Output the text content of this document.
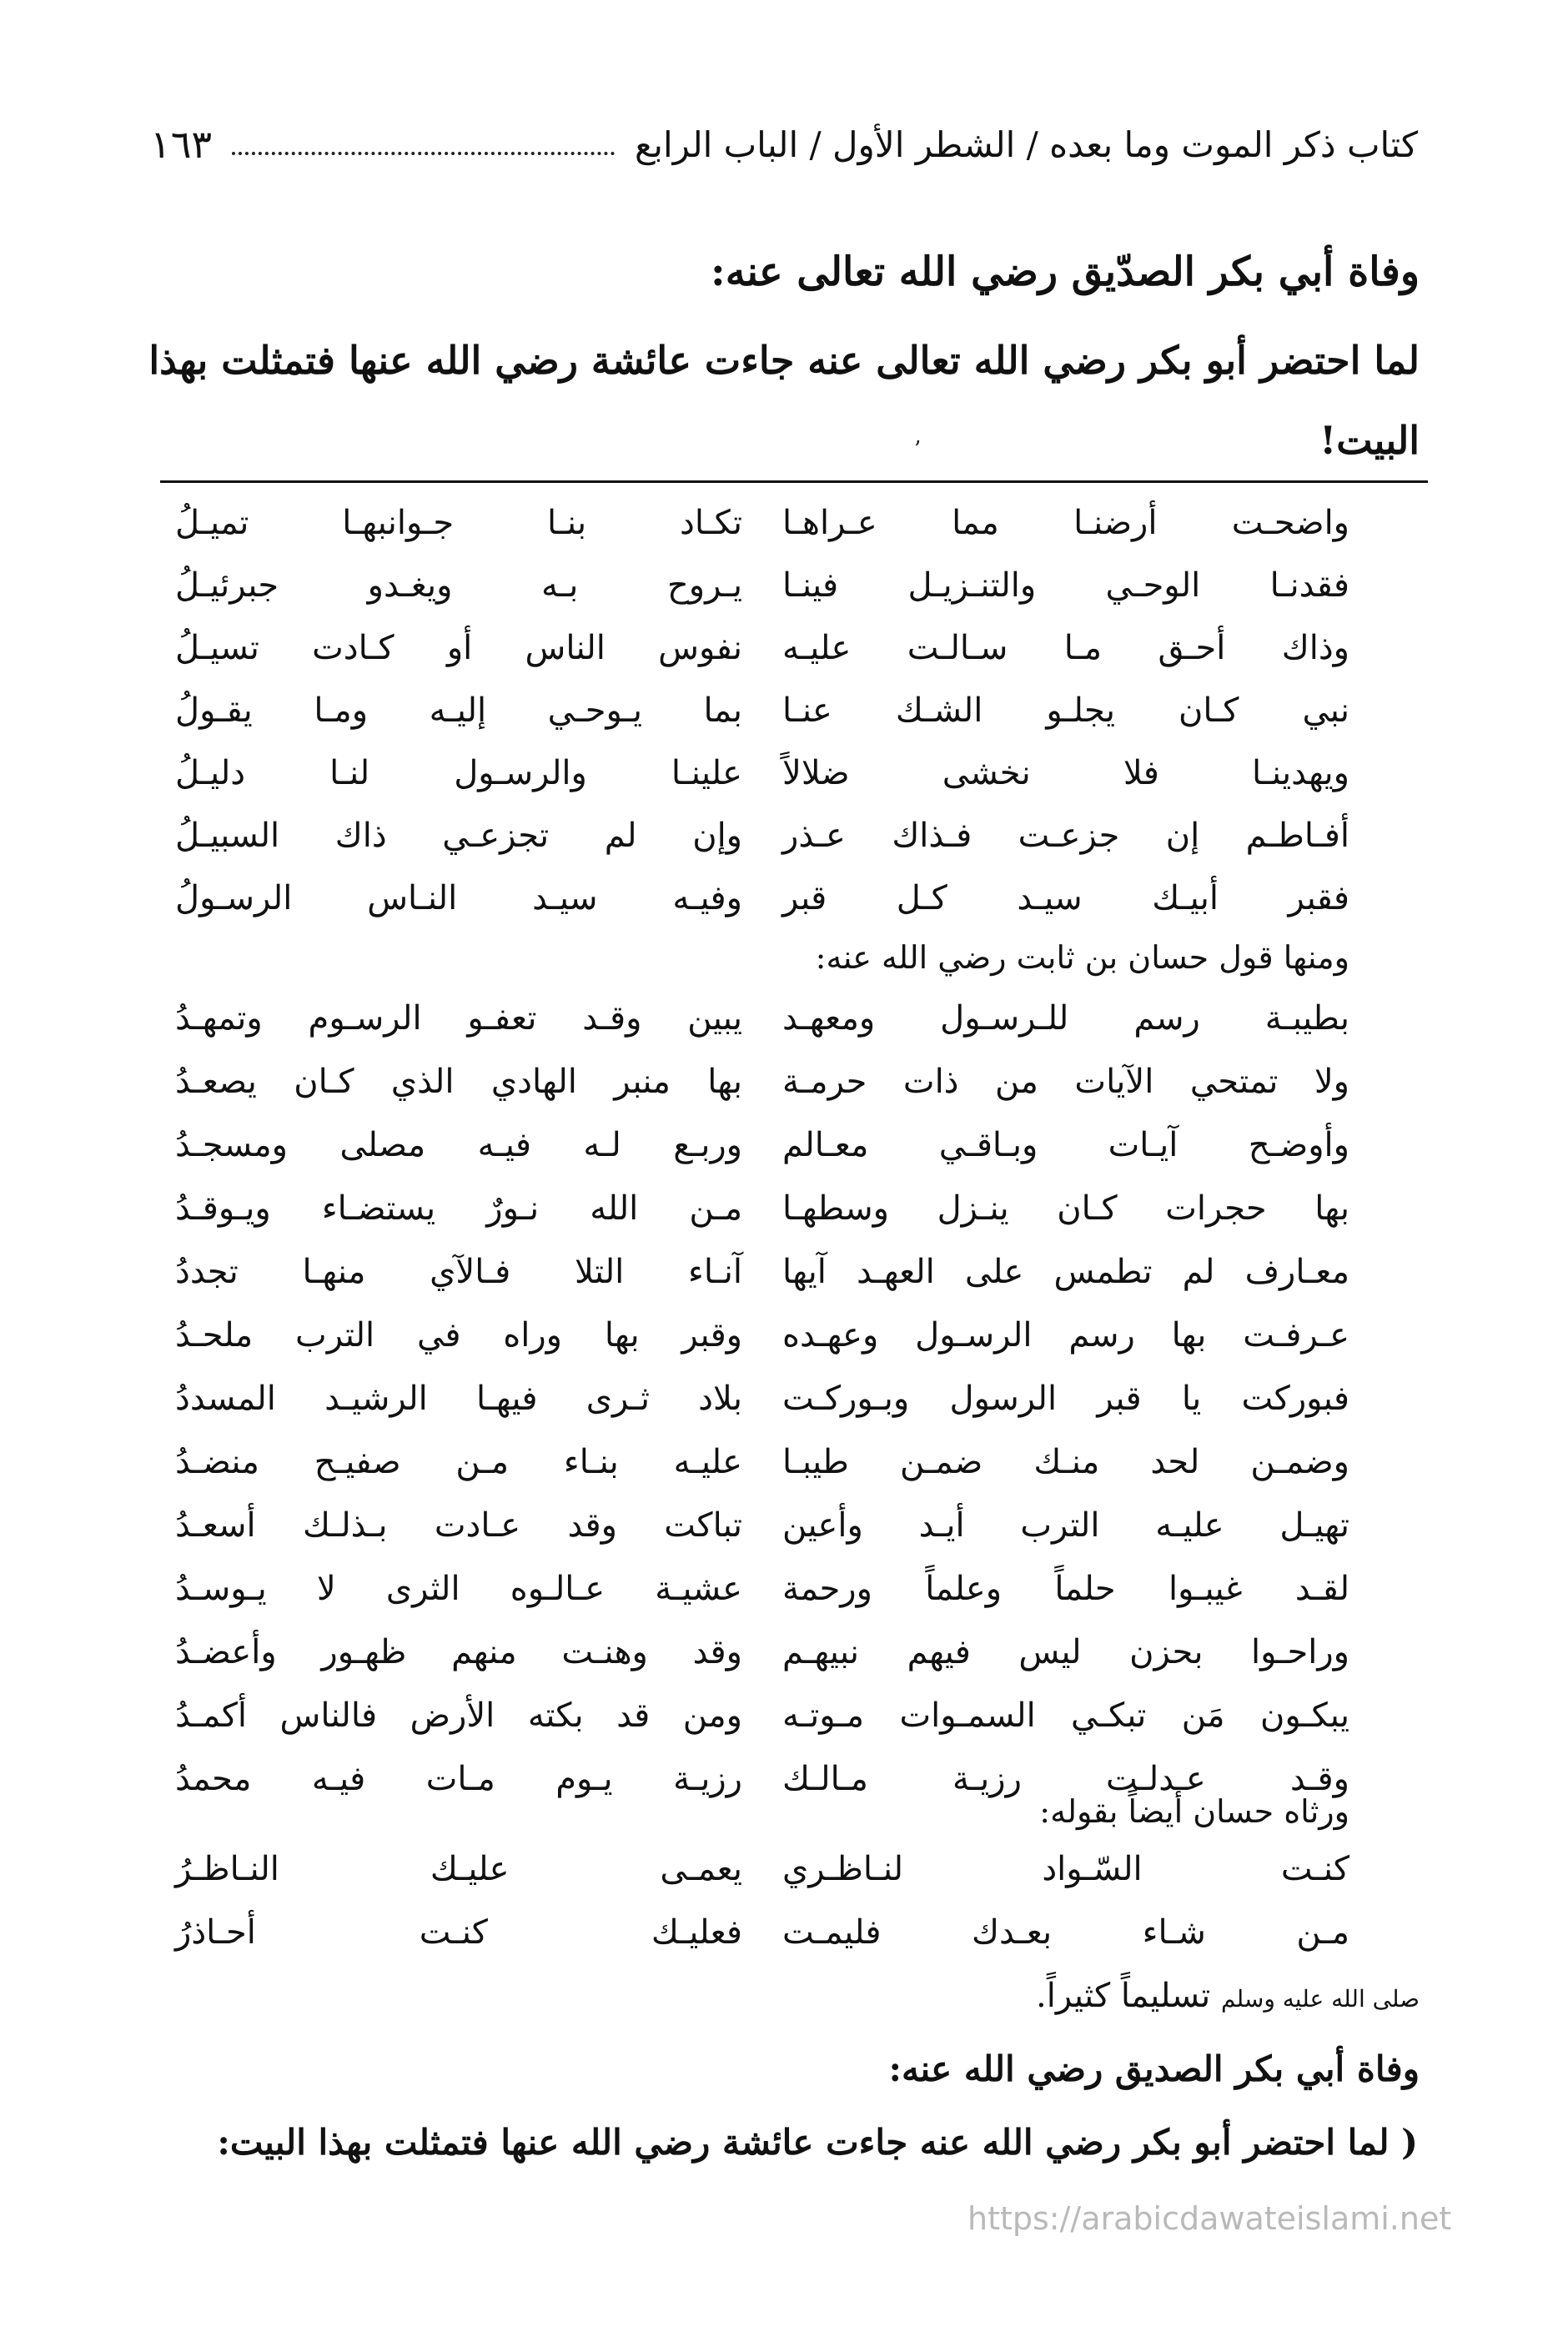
كتاب ذكر الموت وما بعده / الشطر الأول / الباب الرابع
١٦٣
وفاة أبي بكر الصدّيق رضي الله تعالى عنه:
لما احتضر أبو بكر رضي الله تعالى عنه جاءت عائشة رضي الله عنها فتمثلت بهذا البيت!
’
واضحـت أرضنـا مما عـراهـا
تكـاد بنـا جـوانبهـا تميـلُ
فقدنـا الوحـي والتنـزيـل فينـا
يـروح بـه ويغـدو جبرئيـلُ
وذاك أحـق مـا سـالـت عليـه
نفوس الناس أو كـادت تسيـلُ
نبي كـان يجلـو الشـك عنـا
بما يـوحـي إليـه ومـا يقـولُ
ويهدينـا فلا نخشى ضلالاً
علينـا والرسـول لنـا دليـلُ
أفـاطـم إن جزعـت فـذاك عـذر
وإن لم تجزعـي ذاك السبيـلُ
فقبر أبيـك سيـد كـل قبر
وفيـه سيـد النـاس الرسـولُ
ومنها قول حسان بن ثابت رضي الله عنه:
بطيبـة رسم للـرسـول ومعهـد
يبين وقـد تعفـو الرسـوم وتمهـدُ
ولا تمتحي الآيات من ذات حرمـة
بها منبر الهادي الذي كـان يصعـدُ
وأوضـح آيـات وبـاقـي معـالم
وربـع لـه فيـه مصلى ومسجـدُ
بها حجرات كـان ينـزل وسطهـا
مـن الله نـورٌ يستضـاء ويـوقـدُ
معـارف لم تطمس على العهـد آيها
آنـاء التلا فـالآي منهـا تجددُ
عـرفـت بها رسم الرسـول وعهـده
وقبر بها وراه في الترب ملحـدُ
فبوركت يا قبر الرسول وبـوركـت
بلاد ثـرى فيهـا الرشيـد المسددُ
وضمـن لحد منـك ضمـن طيبـا
عليـه بنـاء مـن صفيـح منضـدُ
تهيـل عليـه الترب أيـد وأعين
تباكت وقد عـادت بـذلـك أسعـدُ
لقـد غيبـوا حلماً وعلماً ورحمة
عشيـة عـالـوه الثرى لا يـوسـدُ
وراحـوا بحزن ليس فيهم نبيهـم
وقد وهنـت منهم ظهـور وأعضـدُ
يبكـون مَن تبكـي السمـوات مـوتـه
ومن قد بكته الأرض فالناس أكمـدُ
وقـد عـدلـت رزيـة مـالـك
رزيـة يـوم مـات فيـه محمدُ
ورثاه حسان أيضاً بقوله:
كنـت السّـواد لنـاظـري
يعمـى عليـك النـاظـرُ
مـن شـاء بعـدك فليمـت
فعليـك كنـت أحـاذرُ
صلى الله عليه وسلم تسليماً كثيراً.
وفاة أبي بكر الصديق رضي الله عنه:
( لما احتضر أبو بكر رضي الله عنه جاءت عائشة رضي الله عنها فتمثلت بهذا البيت:
https://arabicdawateislami.net
